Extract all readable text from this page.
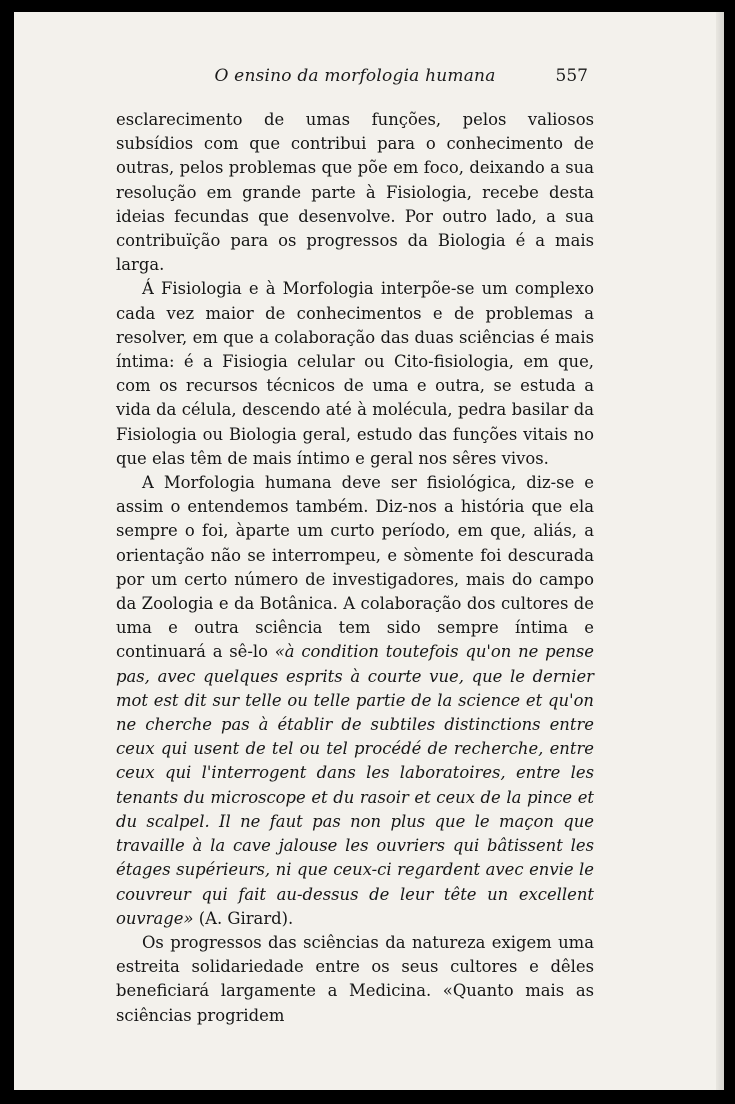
O ensino da morfologia humana	557

esclarecimento de umas funções, pelos valiosos subsídios com que contribui para o conhecimento de outras, pelos problemas que põe em foco, deixando a sua resolução em grande parte à Fisiologia, recebe desta ideias fecundas que desenvolve. Por outro lado, a sua contribuïção para os progressos da Biologia é a mais larga.

Á Fisiologia e à Morfologia interpõe-se um complexo cada vez maior de conhecimentos e de problemas a resolver, em que a colaboração das duas sciências é mais íntima: é a Fisiogia celular ou Cito-fisiologia, em que, com os recursos técnicos de uma e outra, se estuda a vida da célula, descendo até à molécula, pedra basilar da Fisiologia ou Biologia geral, estudo das funções vitais no que elas têm de mais íntimo e geral nos sêres vivos.

A Morfologia humana deve ser fisiológica, diz-se e assim o entendemos também. Diz-nos a história que ela sempre o foi, àparte um curto período, em que, aliás, a orientação não se interrompeu, e sòmente foi descurada por um certo número de investigadores, mais do campo da Zoologia e da Botânica. A colaboração dos cultores de uma e outra sciência tem sido sempre íntima e continuará a sê-lo «à condition toutefois qu'on ne pense pas, avec quelques esprits à courte vue, que le dernier mot est dit sur telle ou telle partie de la science et qu'on ne cherche pas à établir de subtiles distinctions entre ceux qui usent de tel ou tel procédé de recherche, entre ceux qui l'interrogent dans les laboratoires, entre les tenants du microscope et du rasoir et ceux de la pince et du scalpel. Il ne faut pas non plus que le maçon que travaille à la cave jalouse les ouvriers qui bâtissent les étages supérieurs, ni que ceux-ci regardent avec envie le couvreur qui fait au-dessus de leur tête un excellent ouvrage» (A. Girard).

Os progressos das sciências da natureza exigem uma estreita solidariedade entre os seus cultores e dêles beneficiará largamente a Medicina. «Quanto mais as sciências progridem
